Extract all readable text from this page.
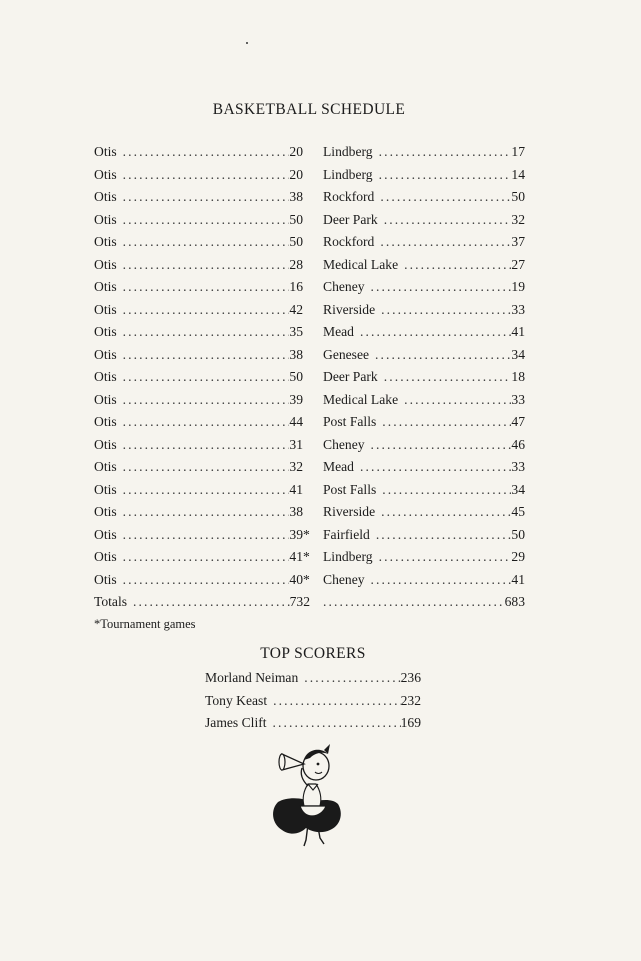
BASKETBALL SCHEDULE
Otis .....	20 Lindberg .....	17
Otis .....	20 Lindberg .....	14
Otis .....	38 Rockford .....	50
Otis .....	50 Deer Park .....	32
Otis .....	50 Rockford .....	37
Otis .....	28 Medical Lake .....	27
Otis .....	16 Cheney .....	19
Otis .....	42 Riverside .....	33
Otis .....	35 Mead .....	41
Otis .....	38 Genesee .....	34
Otis .....	50 Deer Park .....	18
Otis .....	39 Medical Lake .....	33
Otis .....	44 Post Falls .....	47
Otis .....	31 Cheney .....	46
Otis .....	32 Mead .....	33
Otis .....	41 Post Falls .....	34
Otis .....	38 Riverside .....	45
Otis .....	39 * Fairfield .....	50
Otis .....	41 * Lindberg .....	29
Otis .....	40 * Cheney .....	41
Totals .....	732 .....	683
*Tournament games
TOP SCORERS
Morland Neiman .....	236
Tony Keast .....	232
James Clift .....	169
